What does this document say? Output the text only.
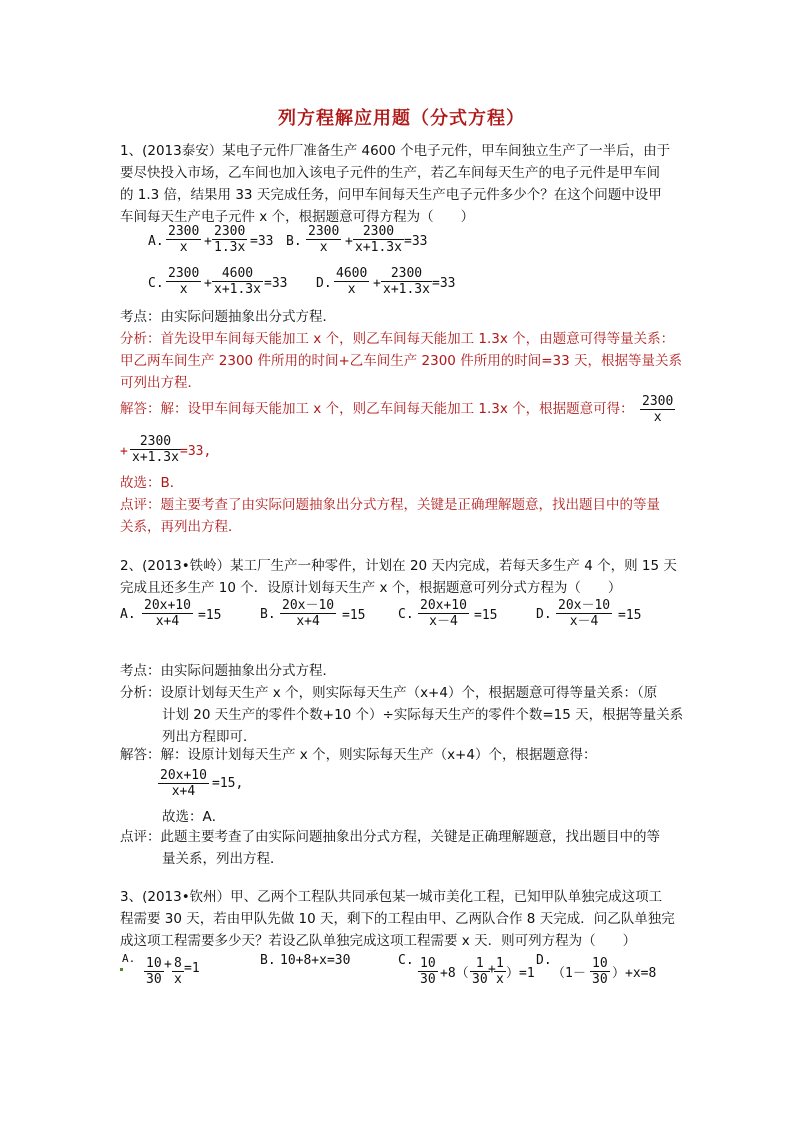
列方程解应用题（分式方程）
1、(2013泰安）某电子元件厂准备生产 4600 个电子元件，甲车间独立生产了一半后，由于
要尽快投入市场，乙车间也加入该电子元件的生产，若乙车间每天生产的电子元件是甲车间
的 1.3 倍，结果用 33 天完成任务，问甲车间每天生产电子元件多少个？在这个问题中设甲
车间每天生产电子元件 x 个，根据题意可得方程为（　　）
A. $\frac{2300}{x} + \frac{2300}{1.3x} =33$ B. $\frac{2300}{x} + \frac{2300}{x+1.3x} =33$
C. $\frac{2300}{x} + \frac{4600}{x+1.3x} =33$ D. $\frac{4600}{x} + \frac{2300}{x+1.3x} =33$
考点：由实际问题抽象出分式方程．
分析：首先设甲车间每天能加工 x 个，则乙车间每天能加工 1.3x 个，由题意可得等量关系：
甲乙两车间生产 2300 件所用的时间+乙车间生产 2300 件所用的时间=33 天，根据等量关系
可列出方程．
解答：解：设甲车间每天能加工 x 个，则乙车间每天能加工 1.3x 个，根据题意可得： $\frac{2300}{x}$
+ $\frac{2300}{x+1.3x} =33$,
故选：B．
点评：题主要考查了由实际问题抽象出分式方程，关键是正确理解题意，找出题目中的等量
关系，再列出方程．
2、(2013•铁岭）某工厂生产一种零件，计划在 20 天内完成，若每天多生产 4 个，则 15 天
完成且还多生产 10 个．设原计划每天生产 x 个，根据题意可列分式方程为（　　）
A. $\frac{20x+10}{x+4} =15$	B. $\frac{20x-10}{x+4} =15$	C. $\frac{20x+10}{x-4} =15$	D. $\frac{20x-10}{x-4} =15$
考点：由实际问题抽象出分式方程．
分析：设原计划每天生产 x 个，则实际每天生产（x+4）个，根据题意可得等量关系：（原
计划 20 天生产的零件个数+10 个）÷实际每天生产的零件个数=15 天，根据等量关系
列出方程即可．
解答：解：设原计划每天生产 x 个，则实际每天生产（x+4）个，根据题意得：
$\frac{20x+10}{x+4} =15$,
故选：A．
点评：此题主要考查了由实际问题抽象出分式方程，关键是正确理解题意，找出题目中的等
量关系，列出方程．
3、(2013•钦州）甲、乙两个工程队共同承包某一城市美化工程，已知甲队单独完成这项工
程需要 30 天，若由甲队先做 10 天，剩下的工程由甲、乙两队合作 8 天完成．问乙队单独完
成这项工程需要多少天？若设乙队单独完成这项工程需要 x 天．则可列方程为（　　）
A. $\frac{10}{30} + \frac{8}{x} =1$
B. 10+8+x=30	C. $\frac{10}{30} +8( \frac{1}{30}$
+
$\frac{1}{x} )=1$
D.
$(1- \frac{10}{30} )+x=8$
